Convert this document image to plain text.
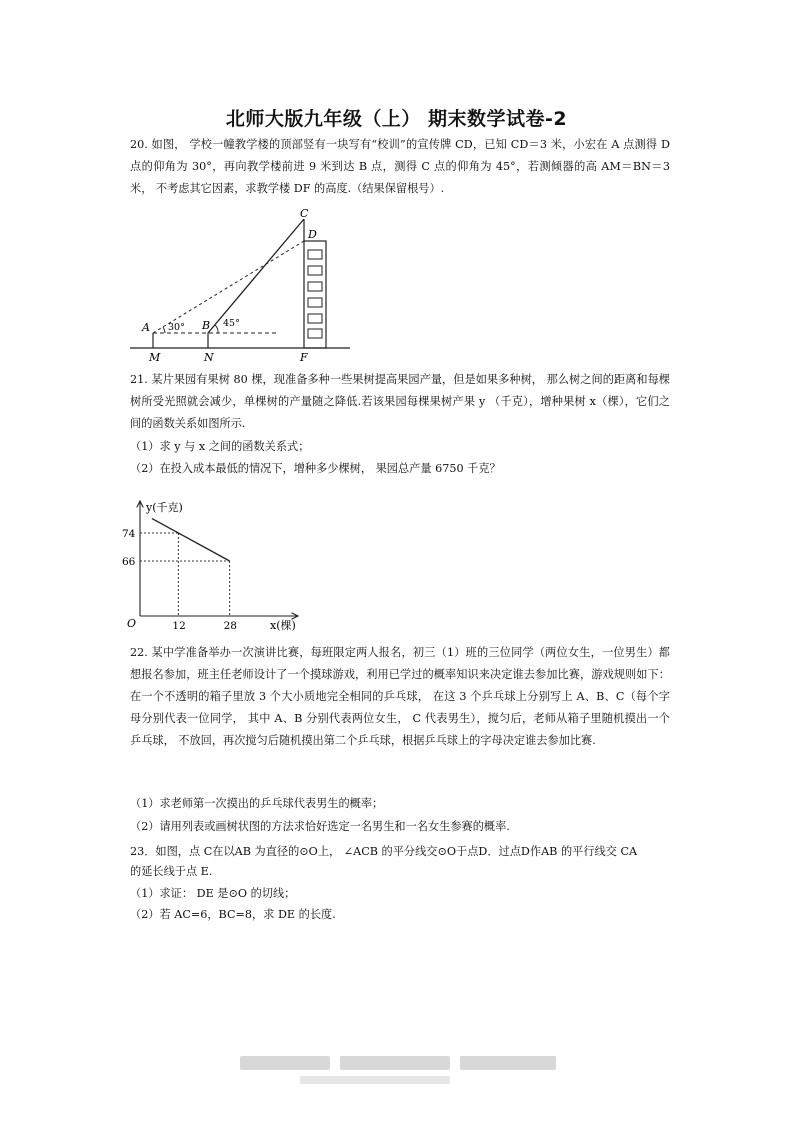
北师大版九年级（上） 期末数学试卷-2
20. 如图， 学校一幢教学楼的顶部竖有一块写有“校训”的宣传牌 CD，已知 CD＝3 米，小宏在 A 点测得 D 点的仰角为 30°，再向教学楼前进 9 米到达 B 点，测得 C 点的仰角为 45°，若测倾器的高 AM＝BN＝3 米， 不考虑其它因素，求教学楼 DF 的高度.（结果保留根号）.
C
D
A	B
M	N	F
30°	45°
21. 某片果园有果树 80 棵，现准备多种一些果树提高果园产量，但是如果多种树， 那么树之间的距离和每棵树所受光照就会减少，单棵树的产量随之降低.若该果园每棵果树产果 y （千克），增种果树 x（棵），它们之间的函数关系如图所示.
（1）求 y 与 x 之间的函数关系式；
（2）在投入成本最低的情况下，增种多少棵树， 果园总产量 6750 千克？
y(千克)
x(棵)
O	12	28
74
66
22. 某中学准备举办一次演讲比赛，每班限定两人报名，初三（1）班的三位同学（两位女生，一位男生）都想报名参加，班主任老师设计了一个摸球游戏，利用已学过的概率知识来决定谁去参加比赛，游戏规则如下： 在一个不透明的箱子里放 3 个大小质地完全相同的乒乓球， 在这 3 个乒乓球上分别写上 A、B、C（每个字母分别代表一位同学， 其中 A、B 分别代表两位女生， C 代表男生），搅匀后，老师从箱子里随机摸出一个乒乓球， 不放回，再次搅匀后随机摸出第二个乒乓球，根据乒乓球上的字母决定谁去参加比赛.
（1）求老师第一次摸出的乒乓球代表男生的概率；
（2）请用列表或画树状图的方法求恰好选定一名男生和一名女生参赛的概率.
23．如图，点 C在以AB 为直径的⊙O上， ∠ACB 的平分线交⊙O于点D．过点D作AB 的平行线交 CA
的延长线于点 E.
（1）求证： DE 是⊙O 的切线；
（2）若 AC=6，BC=8，求 DE 的长度.
